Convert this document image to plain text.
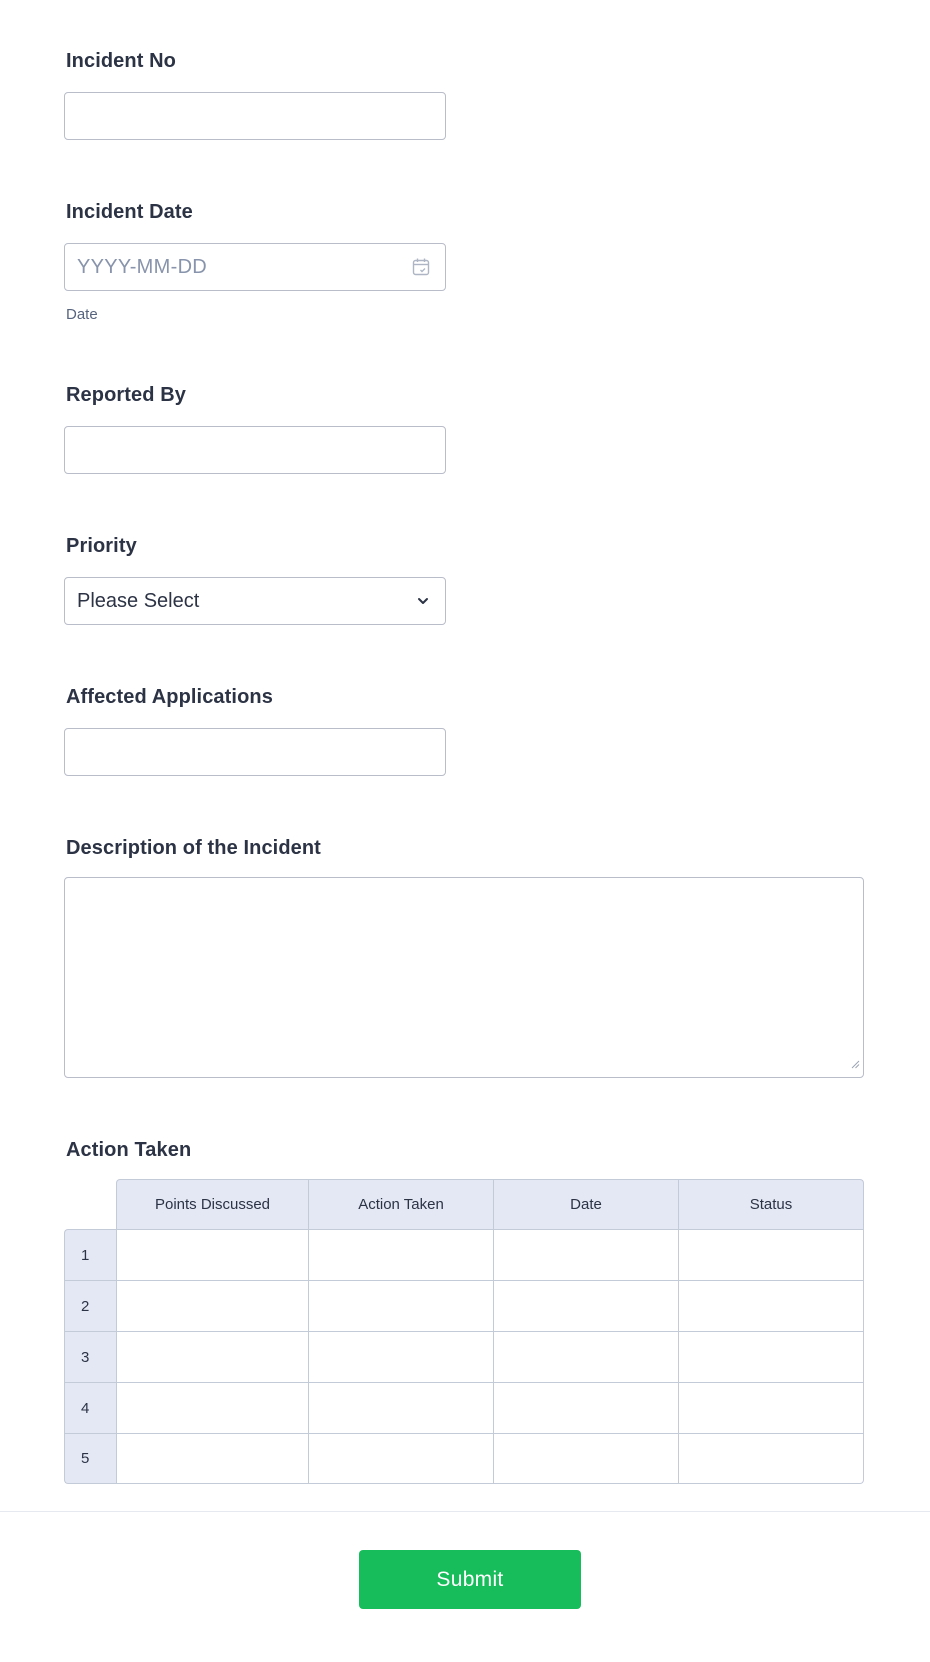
Incident No
Incident Date
YYYY-MM-DD
Date
Reported By
Priority
Please Select
Affected Applications
Description of the Incident
Action Taken
	Points Discussed	Action Taken	Date	Status
1				
2				
3				
4				
5				
Submit
